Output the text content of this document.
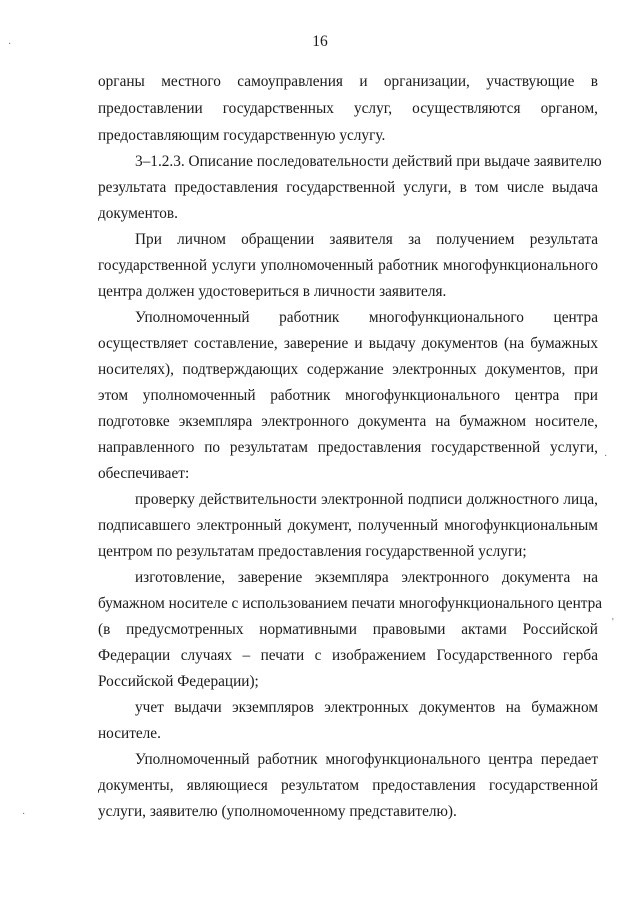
16
органы местного самоуправления и организации, участвующие в
предоставлении государственных услуг, осуществляются органом,
предоставляющим государственную услугу.
3–1.2.3. Описание последовательности действий при выдаче заявителю
результата предоставления государственной услуги, в том числе выдача
документов.
При личном обращении заявителя за получением результата
государственной услуги уполномоченный работник многофункционального
центра должен удостовериться в личности заявителя.
Уполномоченный работник многофункционального центра
осуществляет составление, заверение и выдачу документов (на бумажных
носителях), подтверждающих содержание электронных документов, при
этом уполномоченный работник многофункционального центра при
подготовке экземпляра электронного документа на бумажном носителе,
направленного по результатам предоставления государственной услуги,
обеспечивает:
проверку действительности электронной подписи должностного лица,
подписавшего электронный документ, полученный многофункциональным
центром по результатам предоставления государственной услуги;
изготовление, заверение экземпляра электронного документа на
бумажном носителе с использованием печати многофункционального центра
(в предусмотренных нормативными правовыми актами Российской
Федерации случаях – печати с изображением Государственного герба
Российской Федерации);
учет выдачи экземпляров электронных документов на бумажном
носителе.
Уполномоченный работник многофункционального центра передает
документы, являющиеся результатом предоставления государственной
услуги, заявителю (уполномоченному представителю).
·
·
'
·
